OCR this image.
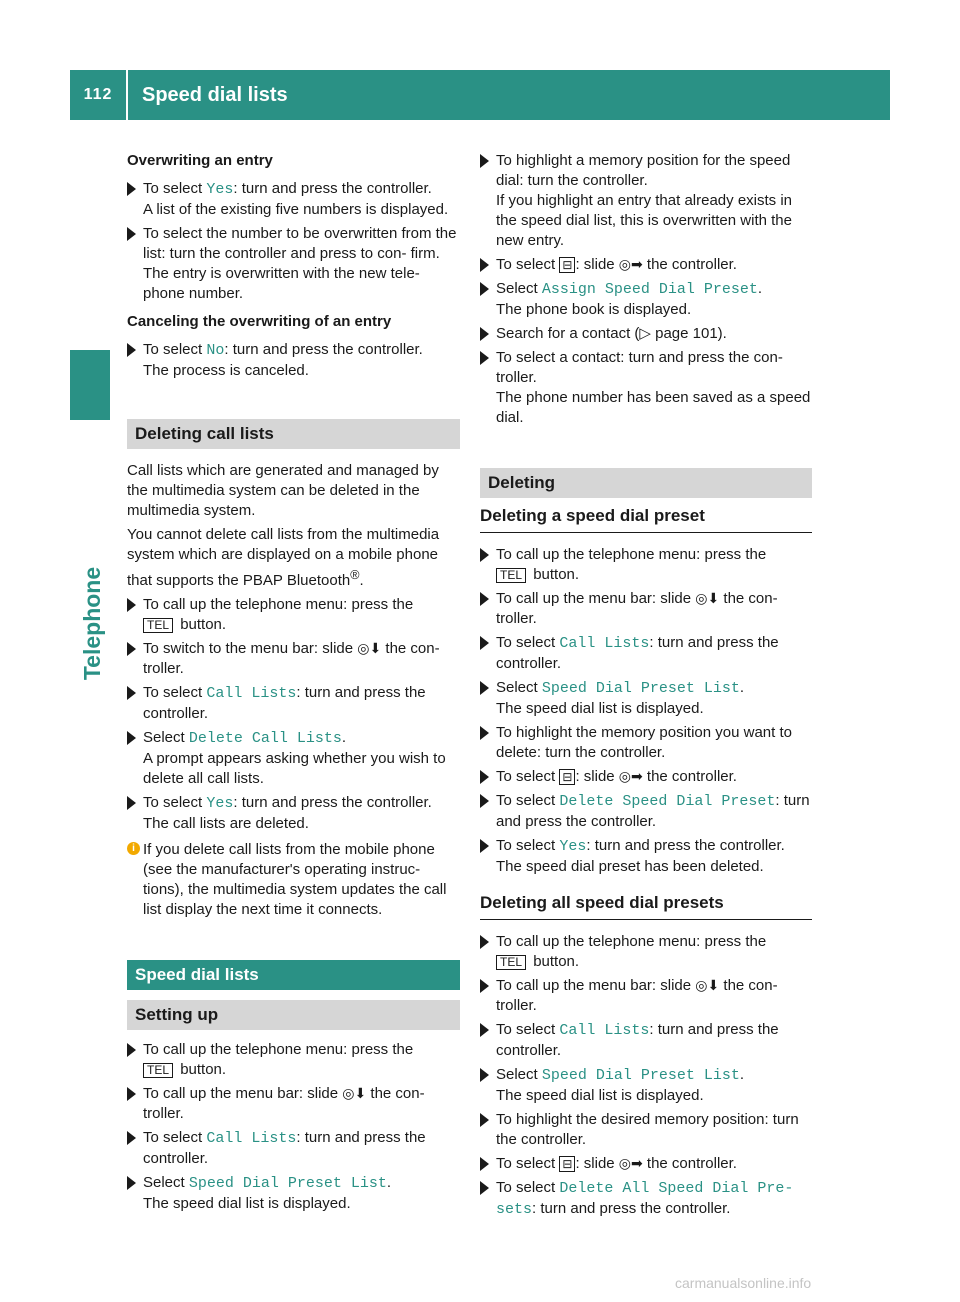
112	Speed dial lists
Telephone
Overwriting an entry

To select Yes: turn and press the controller.

A list of the existing five numbers is displayed.

To select the number to be overwritten from the list: turn the controller and press to con- firm.

The entry is overwritten with the new tele- phone number.

Canceling the overwriting of an entry

To select No: turn and press the controller.

The process is canceled.

Deleting call lists

Call lists which are generated and managed by the multimedia system can be deleted in the multimedia system.

You cannot delete call lists from the multimedia system which are displayed on a mobile phone that supports the PBAP Bluetooth®.

To call up the telephone menu: press the

TEL button.

To switch to the menu bar: slide ◎⬇ the con- troller.

To select Call Lists: turn and press the controller.

Select Delete Call Lists.

A prompt appears asking whether you wish to delete all call lists.

To select Yes: turn and press the controller.

The call lists are deleted.

i If you delete call lists from the mobile phone (see the manufacturer's operating instruc- tions), the multimedia system updates the call list display the next time it connects.

Speed dial lists
Setting up

To call up the telephone menu: press the

TEL button.

To call up the menu bar: slide ◎⬇ the con- troller.

To select Call Lists: turn and press the controller.

Select Speed Dial Preset List.

The speed dial list is displayed.

To highlight a memory position for the speed dial: turn the controller.

If you highlight an entry that already exists in the speed dial list, this is overwritten with the new entry.

To select ⊟ : slide ◎➡ the controller.

Select Assign Speed Dial Preset.

The phone book is displayed.

Search for a contact (▷ page 101).

To select a contact: turn and press the con- troller.

The phone number has been saved as a speed dial.

Deleting
Deleting a speed dial preset

To call up the telephone menu: press the

TEL button.

To call up the menu bar: slide ◎⬇ the con- troller.

To select Call Lists: turn and press the controller.

Select Speed Dial Preset List.

The speed dial list is displayed.

To highlight the memory position you want to delete: turn the controller.

To select ⊟ : slide ◎➡ the controller.

To select Delete Speed Dial Preset: turn and press the controller.

To select Yes: turn and press the controller.

The speed dial preset has been deleted.

Deleting all speed dial presets

To call up the telephone menu: press the

TEL button.

To call up the menu bar: slide ◎⬇ the con- troller.

To select Call Lists: turn and press the controller.

Select Speed Dial Preset List.

The speed dial list is displayed.

To highlight the desired memory position: turn the controller.

To select ⊟ : slide ◎➡ the controller.

To select Delete All Speed Dial Pre‐ sets: turn and press the controller.

carmanualsonline.info
